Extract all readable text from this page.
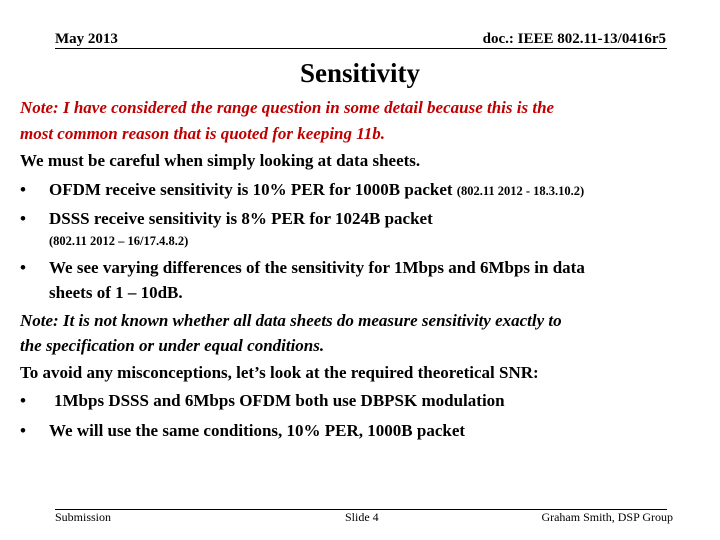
May 2013	doc.: IEEE 802.11-13/0416r5
Sensitivity
Note: I have considered the range question in some detail because this is the
most common reason that is quoted for keeping 11b.
We must be careful when simply looking at data sheets.
• OFDM receive sensitivity is 10% PER for 1000B packet (802.11 2012 - 18.3.10.2)
• DSSS receive sensitivity is 8% PER for 1024B packet
(802.11 2012 – 16/17.4.8.2)
• We see varying differences of the sensitivity for 1Mbps and 6Mbps in data
sheets of 1 – 10dB.
Note: It is not known whether all data sheets do measure sensitivity exactly to
the specification or under equal conditions.
To avoid any misconceptions, let’s look at the required theoretical SNR:
• 1Mbps DSSS and 6Mbps OFDM both use DBPSK modulation
• We will use the same conditions, 10% PER, 1000B packet
Submission	Slide 4	Graham Smith, DSP Group
